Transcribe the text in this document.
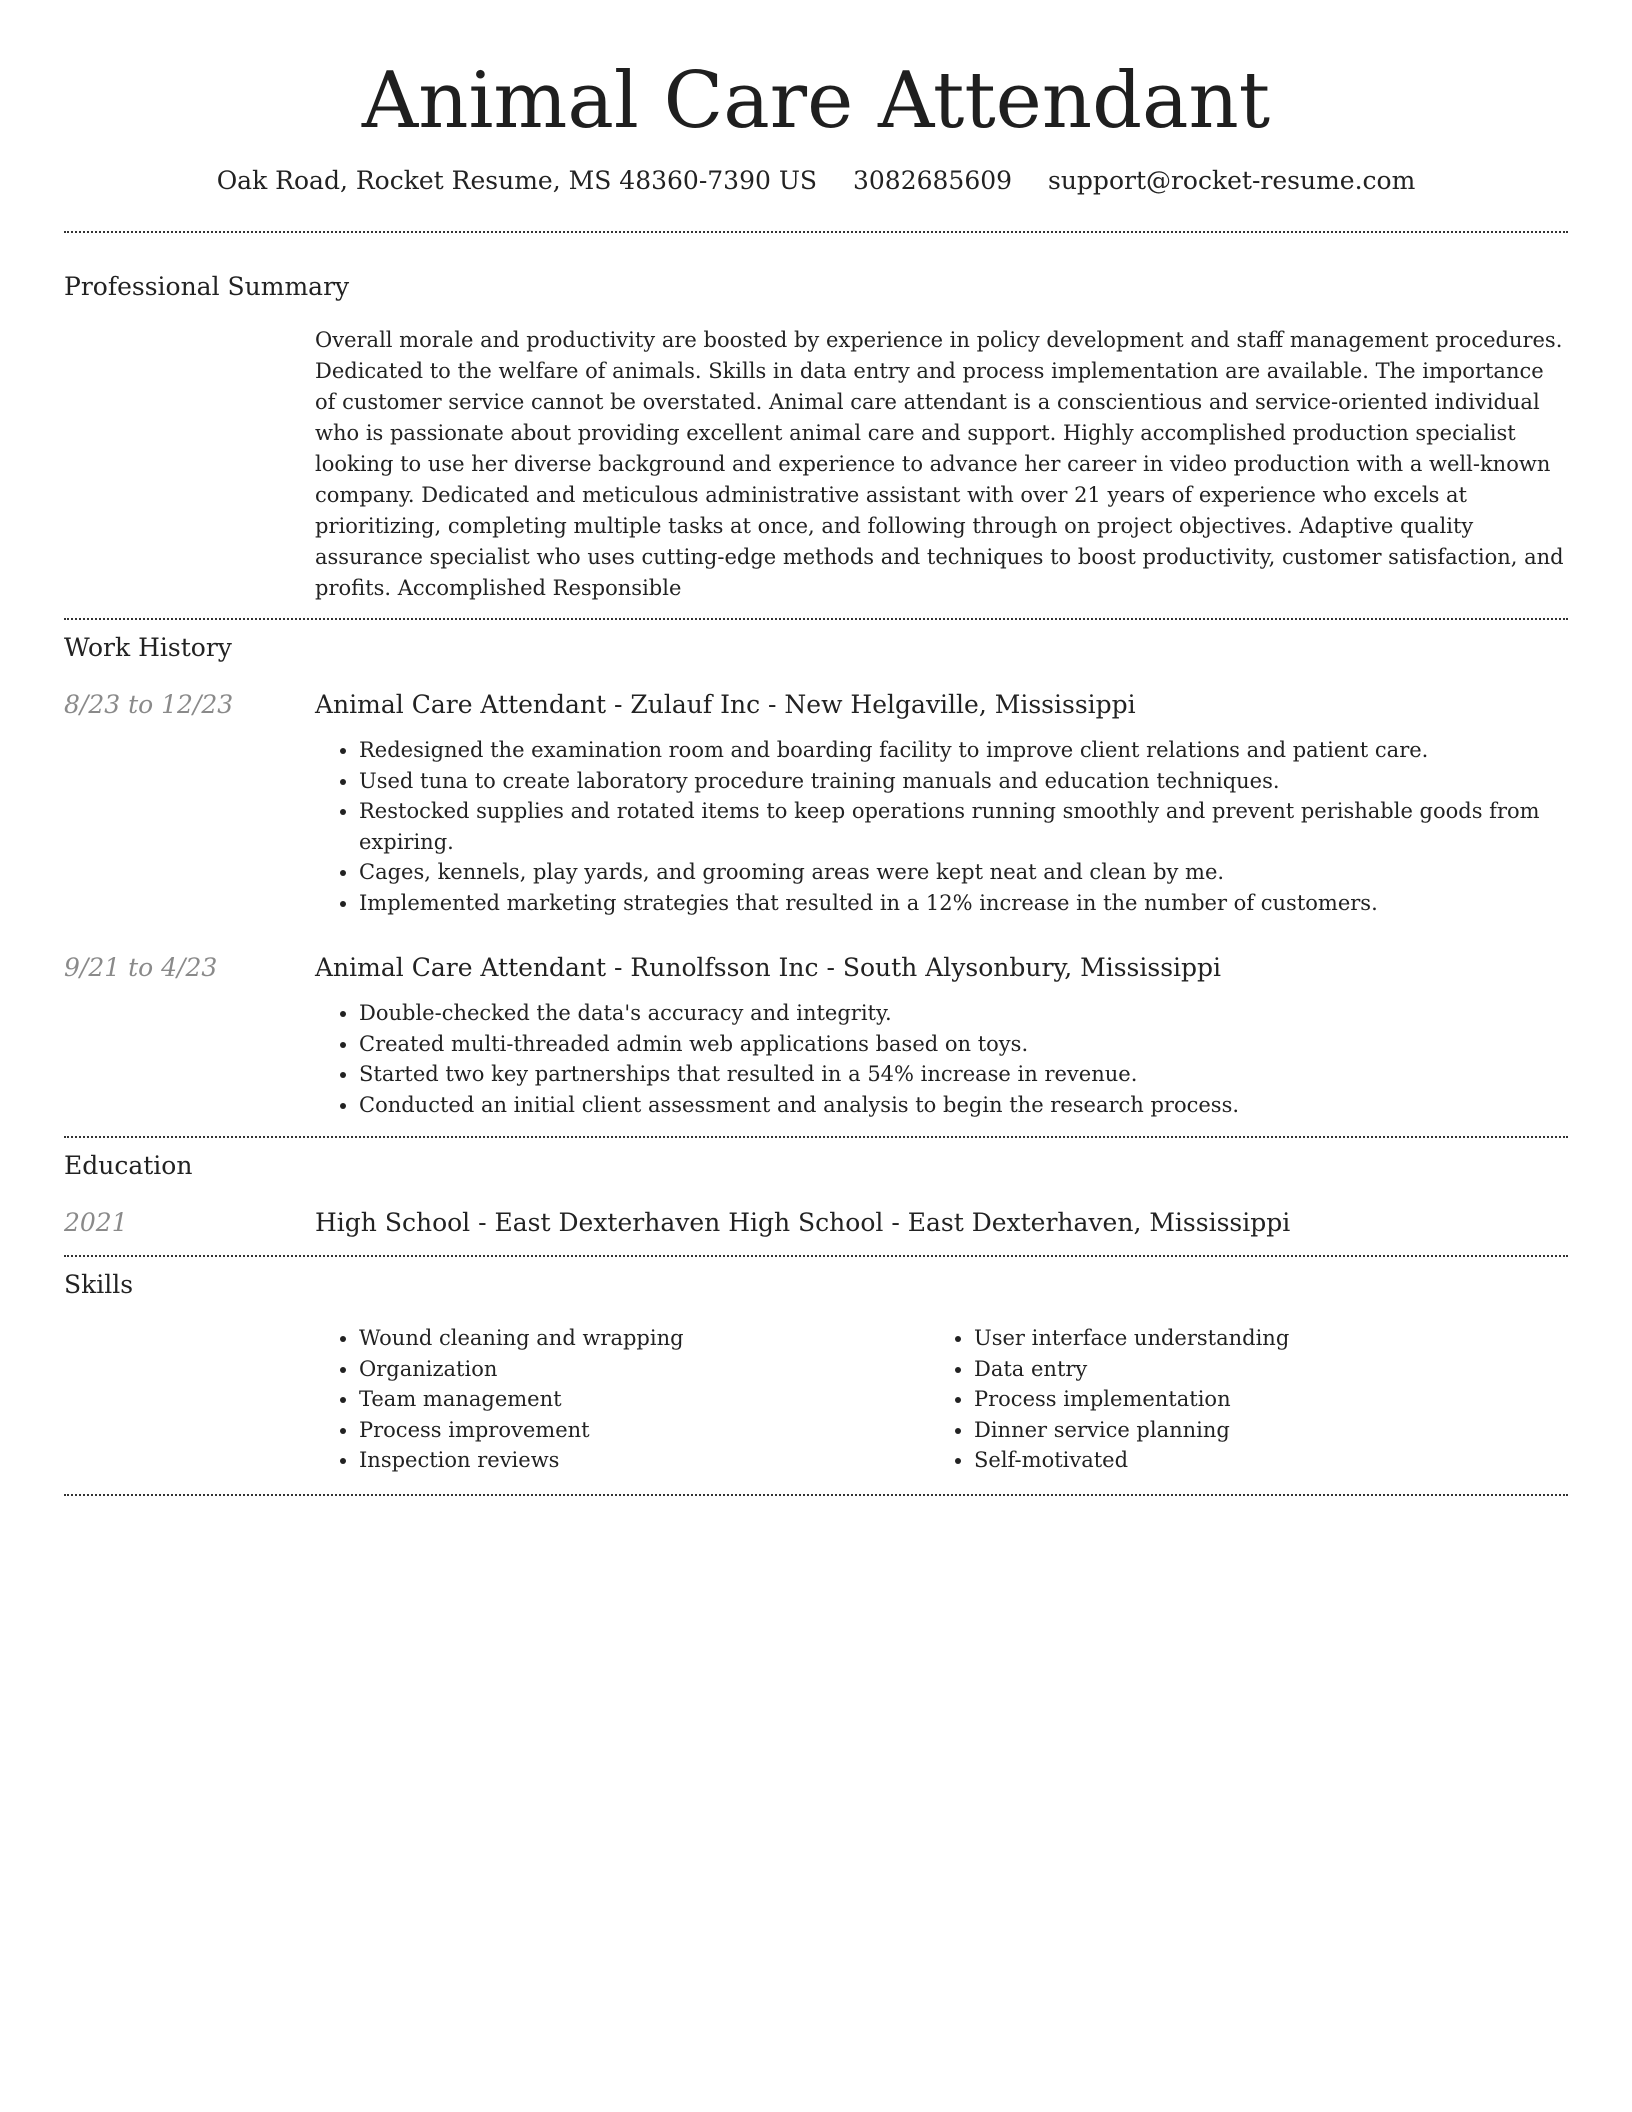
Animal Care Attendant
Oak Road, Rocket Resume, MS 48360-7390 US 3082685609 support@rocket-resume.com
Professional Summary
Overall morale and productivity are boosted by experience in policy development and staff management procedures. Dedicated to the welfare of animals. Skills in data entry and process implementation are available. The importance of customer service cannot be overstated. Animal care attendant is a conscientious and service-oriented individual who is passionate about providing excellent animal care and support. Highly accomplished production specialist looking to use her diverse background and experience to advance her career in video production with a well-known company. Dedicated and meticulous administrative assistant with over 21 years of experience who excels at prioritizing, completing multiple tasks at once, and following through on project objectives. Adaptive quality assurance specialist who uses cutting-edge methods and techniques to boost productivity, customer satisfaction, and profits. Accomplished Responsible
Work History
8/23 to 12/23	Animal Care Attendant - Zulauf Inc - New Helgaville, Mississippi
• Redesigned the examination room and boarding facility to improve client relations and patient care.
• Used tuna to create laboratory procedure training manuals and education techniques.
• Restocked supplies and rotated items to keep operations running smoothly and prevent perishable goods from expiring.
• Cages, kennels, play yards, and grooming areas were kept neat and clean by me.
• Implemented marketing strategies that resulted in a 12% increase in the number of customers.
9/21 to 4/23	Animal Care Attendant - Runolfsson Inc - South Alysonbury, Mississippi
• Double-checked the data's accuracy and integrity.
• Created multi-threaded admin web applications based on toys.
• Started two key partnerships that resulted in a 54% increase in revenue.
• Conducted an initial client assessment and analysis to begin the research process.
Education
2021	High School - East Dexterhaven High School - East Dexterhaven, Mississippi
Skills
• Wound cleaning and wrapping
• Organization
• Team management
• Process improvement
• Inspection reviews
• User interface understanding
• Data entry
• Process implementation
• Dinner service planning
• Self-motivated
